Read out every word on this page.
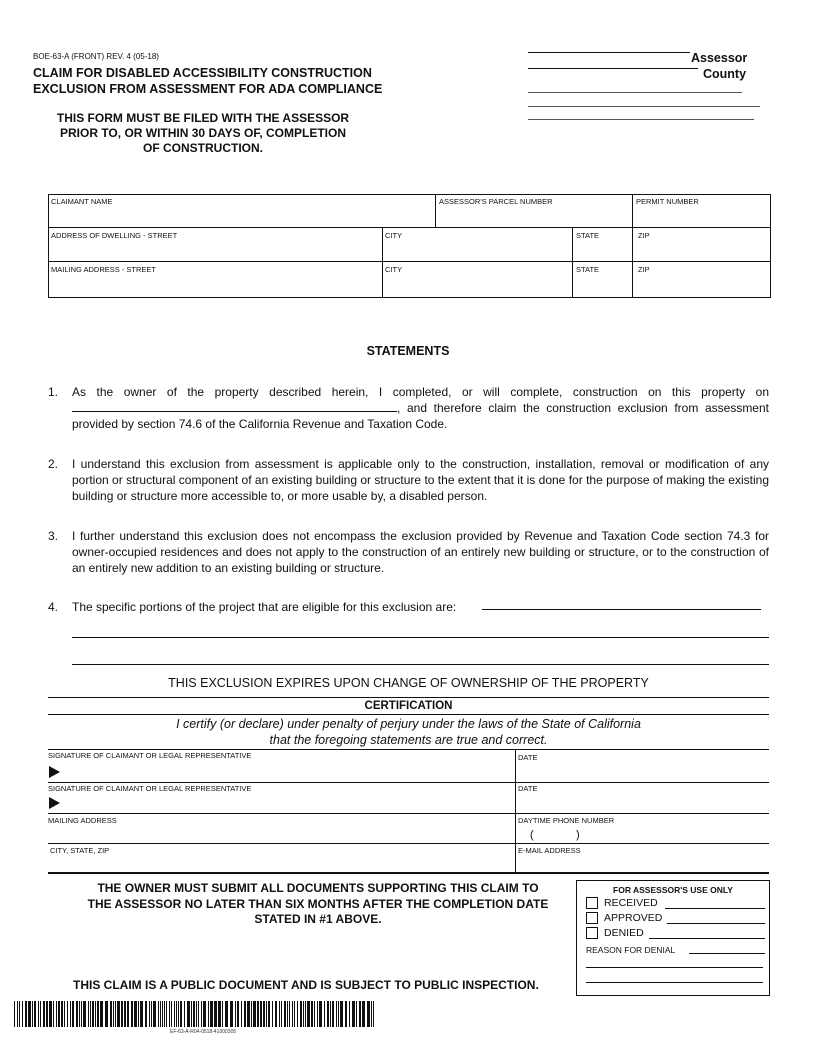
BOE-63-A (FRONT) REV. 4 (05-18)
CLAIM FOR DISABLED ACCESSIBILITY CONSTRUCTION
EXCLUSION FROM ASSESSMENT FOR ADA COMPLIANCE
THIS FORM MUST BE FILED WITH THE ASSESSOR
PRIOR TO, OR WITHIN 30 DAYS OF, COMPLETION
OF CONSTRUCTION.
Assessor
County
CLAIMANT NAME	ASSESSOR'S PARCEL NUMBER	PERMIT NUMBER
ADDRESS OF DWELLING - STREET	CITY	STATE	ZIP
MAILING ADDRESS - STREET	CITY	STATE	ZIP
STATEMENTS
1. As the owner of the property described herein, I completed, or will complete, construction on this property on , and therefore claim the construction exclusion from assessment provided by section 74.6 of the California Revenue and Taxation Code.
2. I understand this exclusion from assessment is applicable only to the construction, installation, removal or modification of any portion or structural component of an existing building or structure to the extent that it is done for the purpose of making the existing building or structure more accessible to, or more usable by, a disabled person.
3. I further understand this exclusion does not encompass the exclusion provided by Revenue and Taxation Code section 74.3 for owner-occupied residences and does not apply to the construction of an entirely new building or structure, or to the construction of an entirely new addition to an existing building or structure.
4. The specific portions of the project that are eligible for this exclusion are:
THIS EXCLUSION EXPIRES UPON CHANGE OF OWNERSHIP OF THE PROPERTY
CERTIFICATION
I certify (or declare) under penalty of perjury under the laws of the State of California
that the foregoing statements are true and correct.
SIGNATURE OF CLAIMANT OR LEGAL REPRESENTATIVE	DATE
SIGNATURE OF CLAIMANT OR LEGAL REPRESENTATIVE	DATE
MAILING ADDRESS	DAYTIME PHONE NUMBER
(	)
CITY, STATE, ZIP	E-MAIL ADDRESS
THE OWNER MUST SUBMIT ALL DOCUMENTS SUPPORTING THIS CLAIM TO
THE ASSESSOR NO LATER THAN SIX MONTHS AFTER THE COMPLETION DATE
STATED IN #1 ABOVE.
THIS CLAIM IS A PUBLIC DOCUMENT AND IS SUBJECT TO PUBLIC INSPECTION.
FOR ASSESSOR'S USE ONLY
RECEIVED
APPROVED
DENIED
REASON FOR DENIAL
EF-63-A-R04-0518-41000305
